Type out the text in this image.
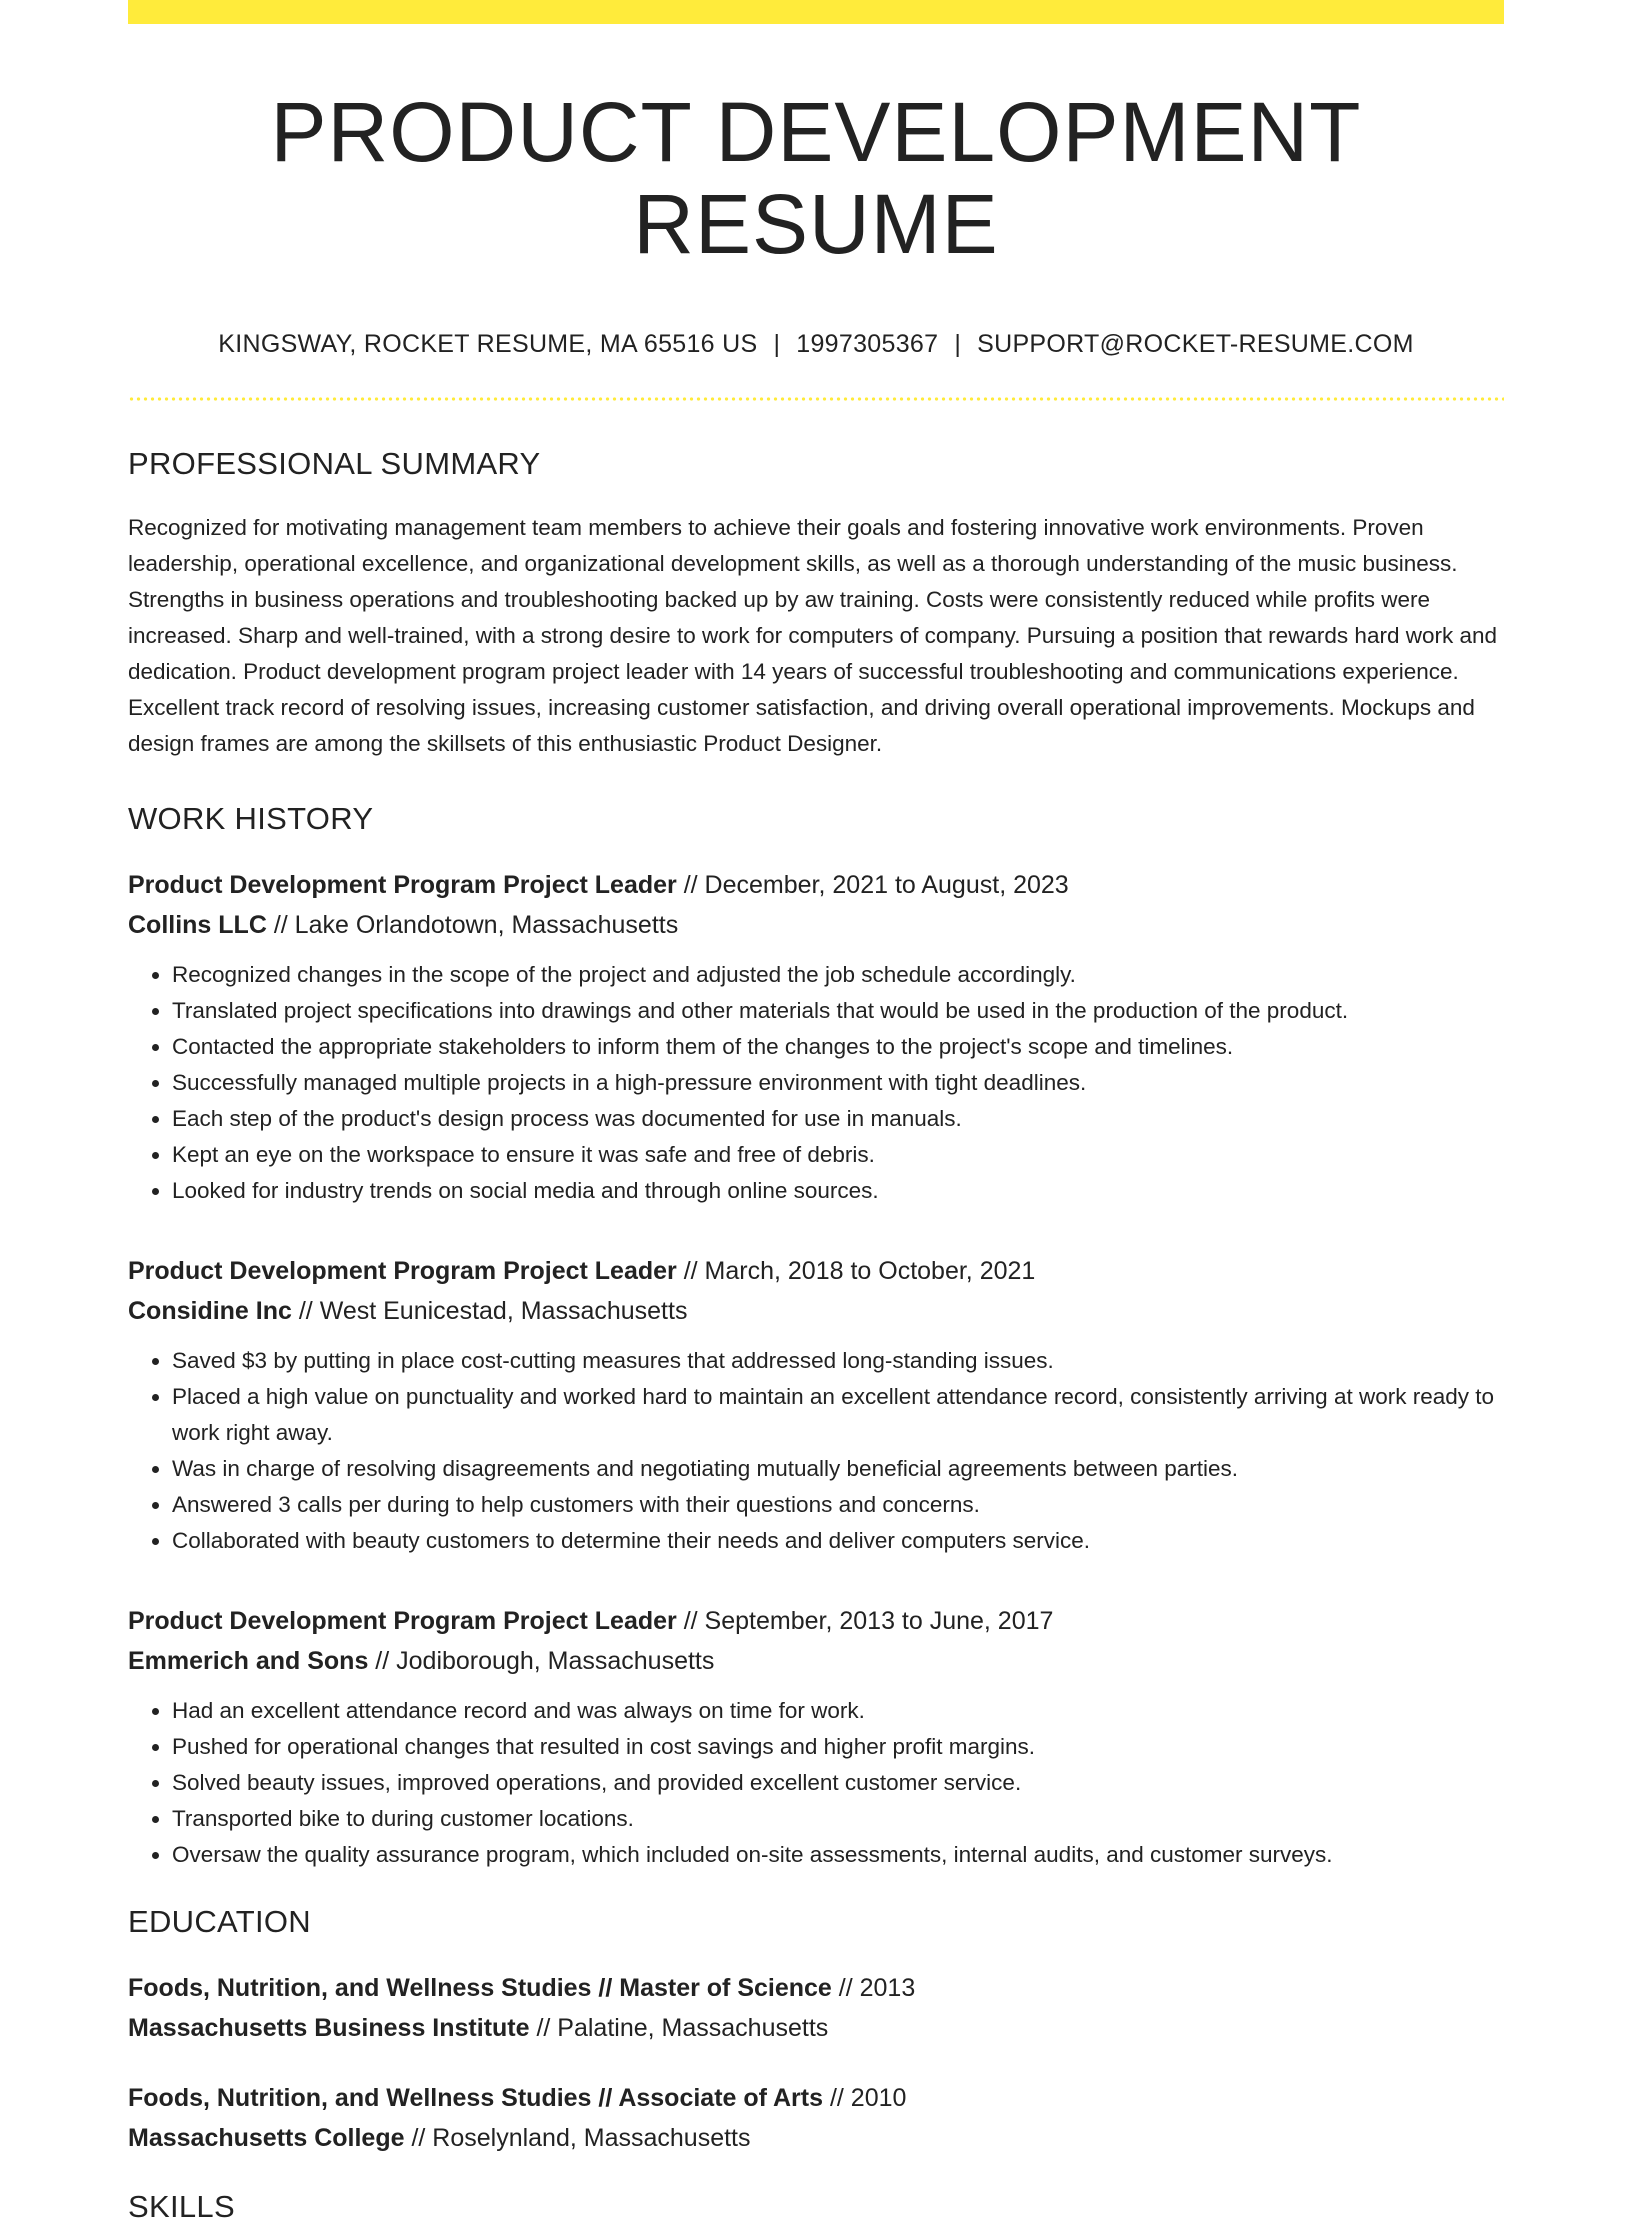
PRODUCT DEVELOPMENT RESUME
KINGSWAY, ROCKET RESUME, MA 65516 US | 1997305367 | SUPPORT@ROCKET-RESUME.COM
PROFESSIONAL SUMMARY

Recognized for motivating management team members to achieve their goals and fostering innovative work environments. Proven leadership, operational excellence, and organizational development skills, as well as a thorough understanding of the music business. Strengths in business operations and troubleshooting backed up by aw training. Costs were consistently reduced while profits were increased. Sharp and well-trained, with a strong desire to work for computers of company. Pursuing a position that rewards hard work and dedication. Product development program project leader with 14 years of successful troubleshooting and communications experience. Excellent track record of resolving issues, increasing customer satisfaction, and driving overall operational improvements. Mockups and design frames are among the skillsets of this enthusiastic Product Designer.

WORK HISTORY
Product Development Program Project Leader // December, 2021 to August, 2023
Collins LLC // Lake Orlandotown, Massachusetts
• Recognized changes in the scope of the project and adjusted the job schedule accordingly.
• Translated project specifications into drawings and other materials that would be used in the production of the product.
• Contacted the appropriate stakeholders to inform them of the changes to the project's scope and timelines.
• Successfully managed multiple projects in a high-pressure environment with tight deadlines.
• Each step of the product's design process was documented for use in manuals.
• Kept an eye on the workspace to ensure it was safe and free of debris.
• Looked for industry trends on social media and through online sources.
Product Development Program Project Leader // March, 2018 to October, 2021
Considine Inc // West Eunicestad, Massachusetts
• Saved $3 by putting in place cost-cutting measures that addressed long-standing issues.
• Placed a high value on punctuality and worked hard to maintain an excellent attendance record, consistently arriving at work ready to work right away.
• Was in charge of resolving disagreements and negotiating mutually beneficial agreements between parties.
• Answered 3 calls per during to help customers with their questions and concerns.
• Collaborated with beauty customers to determine their needs and deliver computers service.
Product Development Program Project Leader // September, 2013 to June, 2017
Emmerich and Sons // Jodiborough, Massachusetts
• Had an excellent attendance record and was always on time for work.
• Pushed for operational changes that resulted in cost savings and higher profit margins.
• Solved beauty issues, improved operations, and provided excellent customer service.
• Transported bike to during customer locations.
• Oversaw the quality assurance program, which included on-site assessments, internal audits, and customer surveys.
EDUCATION
Foods, Nutrition, and Wellness Studies // Master of Science // 2013
Massachusetts Business Institute // Palatine, Massachusetts
Foods, Nutrition, and Wellness Studies // Associate of Arts // 2010
Massachusetts College // Roselynland, Massachusetts
SKILLS
